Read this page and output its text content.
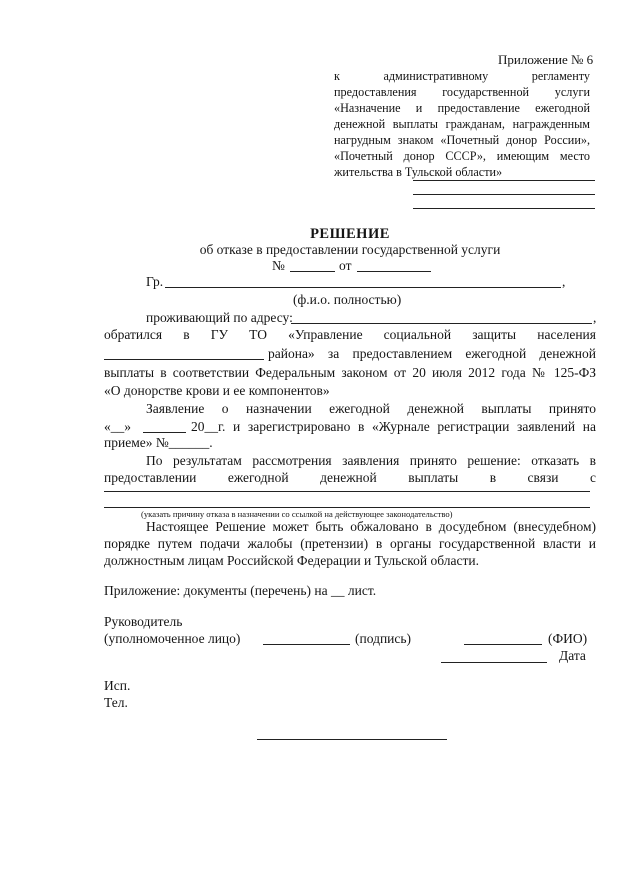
Приложение № 6
к административному регламенту
предоставления государственной услуги
«Назначение и предоставление ежегодной
денежной выплаты гражданам, награжденным
нагрудным знаком «Почетный донор России»,
«Почетный донор СССР», имеющим место
жительства в Тульской области»
РЕШЕНИЕ
об отказе в предоставлении государственной услуги
№	от
Гр.	,
(ф.и.о. полностью)
проживающий по адресу:	,
обратился в ГУ ТО «Управление социальной защиты населения
района» за предоставлением ежегодной денежной
выплаты в соответствии Федеральным законом от 20 июля 2012 года № 125-ФЗ
«О донорстве крови и ее компонентов»
Заявление о назначении ежегодной денежной выплаты принято
«__»	20__г. и зарегистрировано в «Журнале регистрации заявлений на
приеме» №______.
По результатам рассмотрения заявления принято решение: отказать в
предоставлении ежегодной денежной выплаты в связи с
(указать причину отказа в назначении со ссылкой на действующее законодательство)
Настоящее Решение может быть обжаловано в досудебном (внесудебном)
порядке путем подачи жалобы (претензии) в органы государственной власти и
должностным лицам Российской Федерации и Тульской области.
Приложение: документы (перечень) на __ лист.
Руководитель
(уполномоченное лицо)	(подпись)	(ФИО)
Дата
Исп.
Тел.
